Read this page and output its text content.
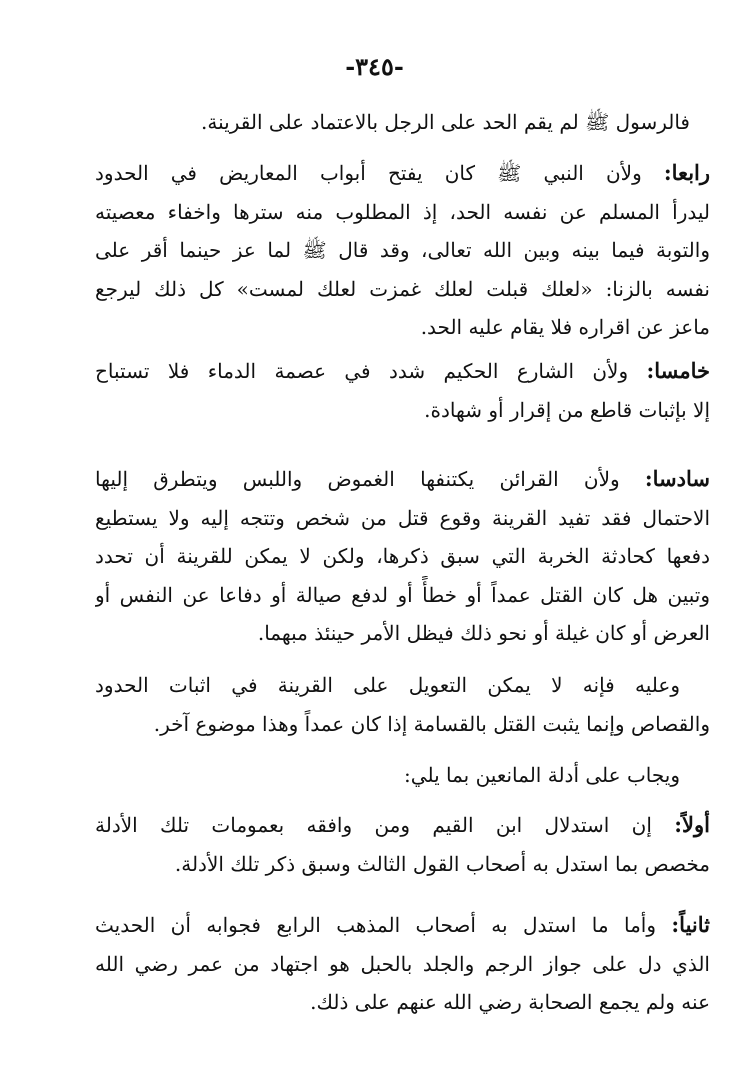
-٣٤٥-
فالرسول ﷺ لم يقم الحد على الرجل بالاعتماد على القرينة.
رابعا: ولأن النبي ﷺ كان يفتح أبواب المعاريض في الحدود
ليدرأ المسلم عن نفسه الحد، إذ المطلوب منه سترها واخفاء معصيته
والتوبة فيما بينه وبين الله تعالى، وقد قال ﷺ لما عز حينما أقر على
نفسه بالزنا: «لعلك قبلت لعلك غمزت لعلك لمست» كل ذلك ليرجع
ماعز عن اقراره فلا يقام عليه الحد.
خامسا: ولأن الشارع الحكيم شدد في عصمة الدماء فلا تستباح
إلا بإثبات قاطع من إقرار أو شهادة.
سادسا: ولأن القرائن يكتنفها الغموض واللبس ويتطرق إليها
الاحتمال فقد تفيد القرينة وقوع قتل من شخص وتتجه إليه ولا يستطيع
دفعها كحادثة الخربة التي سبق ذكرها، ولكن لا يمكن للقرينة أن تحدد
وتبين هل كان القتل عمداً أو خطأً أو لدفع صيالة أو دفاعا عن النفس أو
العرض أو كان غيلة أو نحو ذلك فيظل الأمر حينئذ مبهما.
وعليه فإنه لا يمكن التعويل على القرينة في اثبات الحدود
والقصاص وإنما يثبت القتل بالقسامة إذا كان عمداً وهذا موضوع آخر.
ويجاب على أدلة المانعين بما يلي:
أولاً: إن استدلال ابن القيم ومن وافقه بعمومات تلك الأدلة
مخصص بما استدل به أصحاب القول الثالث وسبق ذكر تلك الأدلة.
ثانياً: وأما ما استدل به أصحاب المذهب الرابع فجوابه أن الحديث
الذي دل على جواز الرجم والجلد بالحبل هو اجتهاد من عمر رضي الله
عنه ولم يجمع الصحابة رضي الله عنهم على ذلك.
